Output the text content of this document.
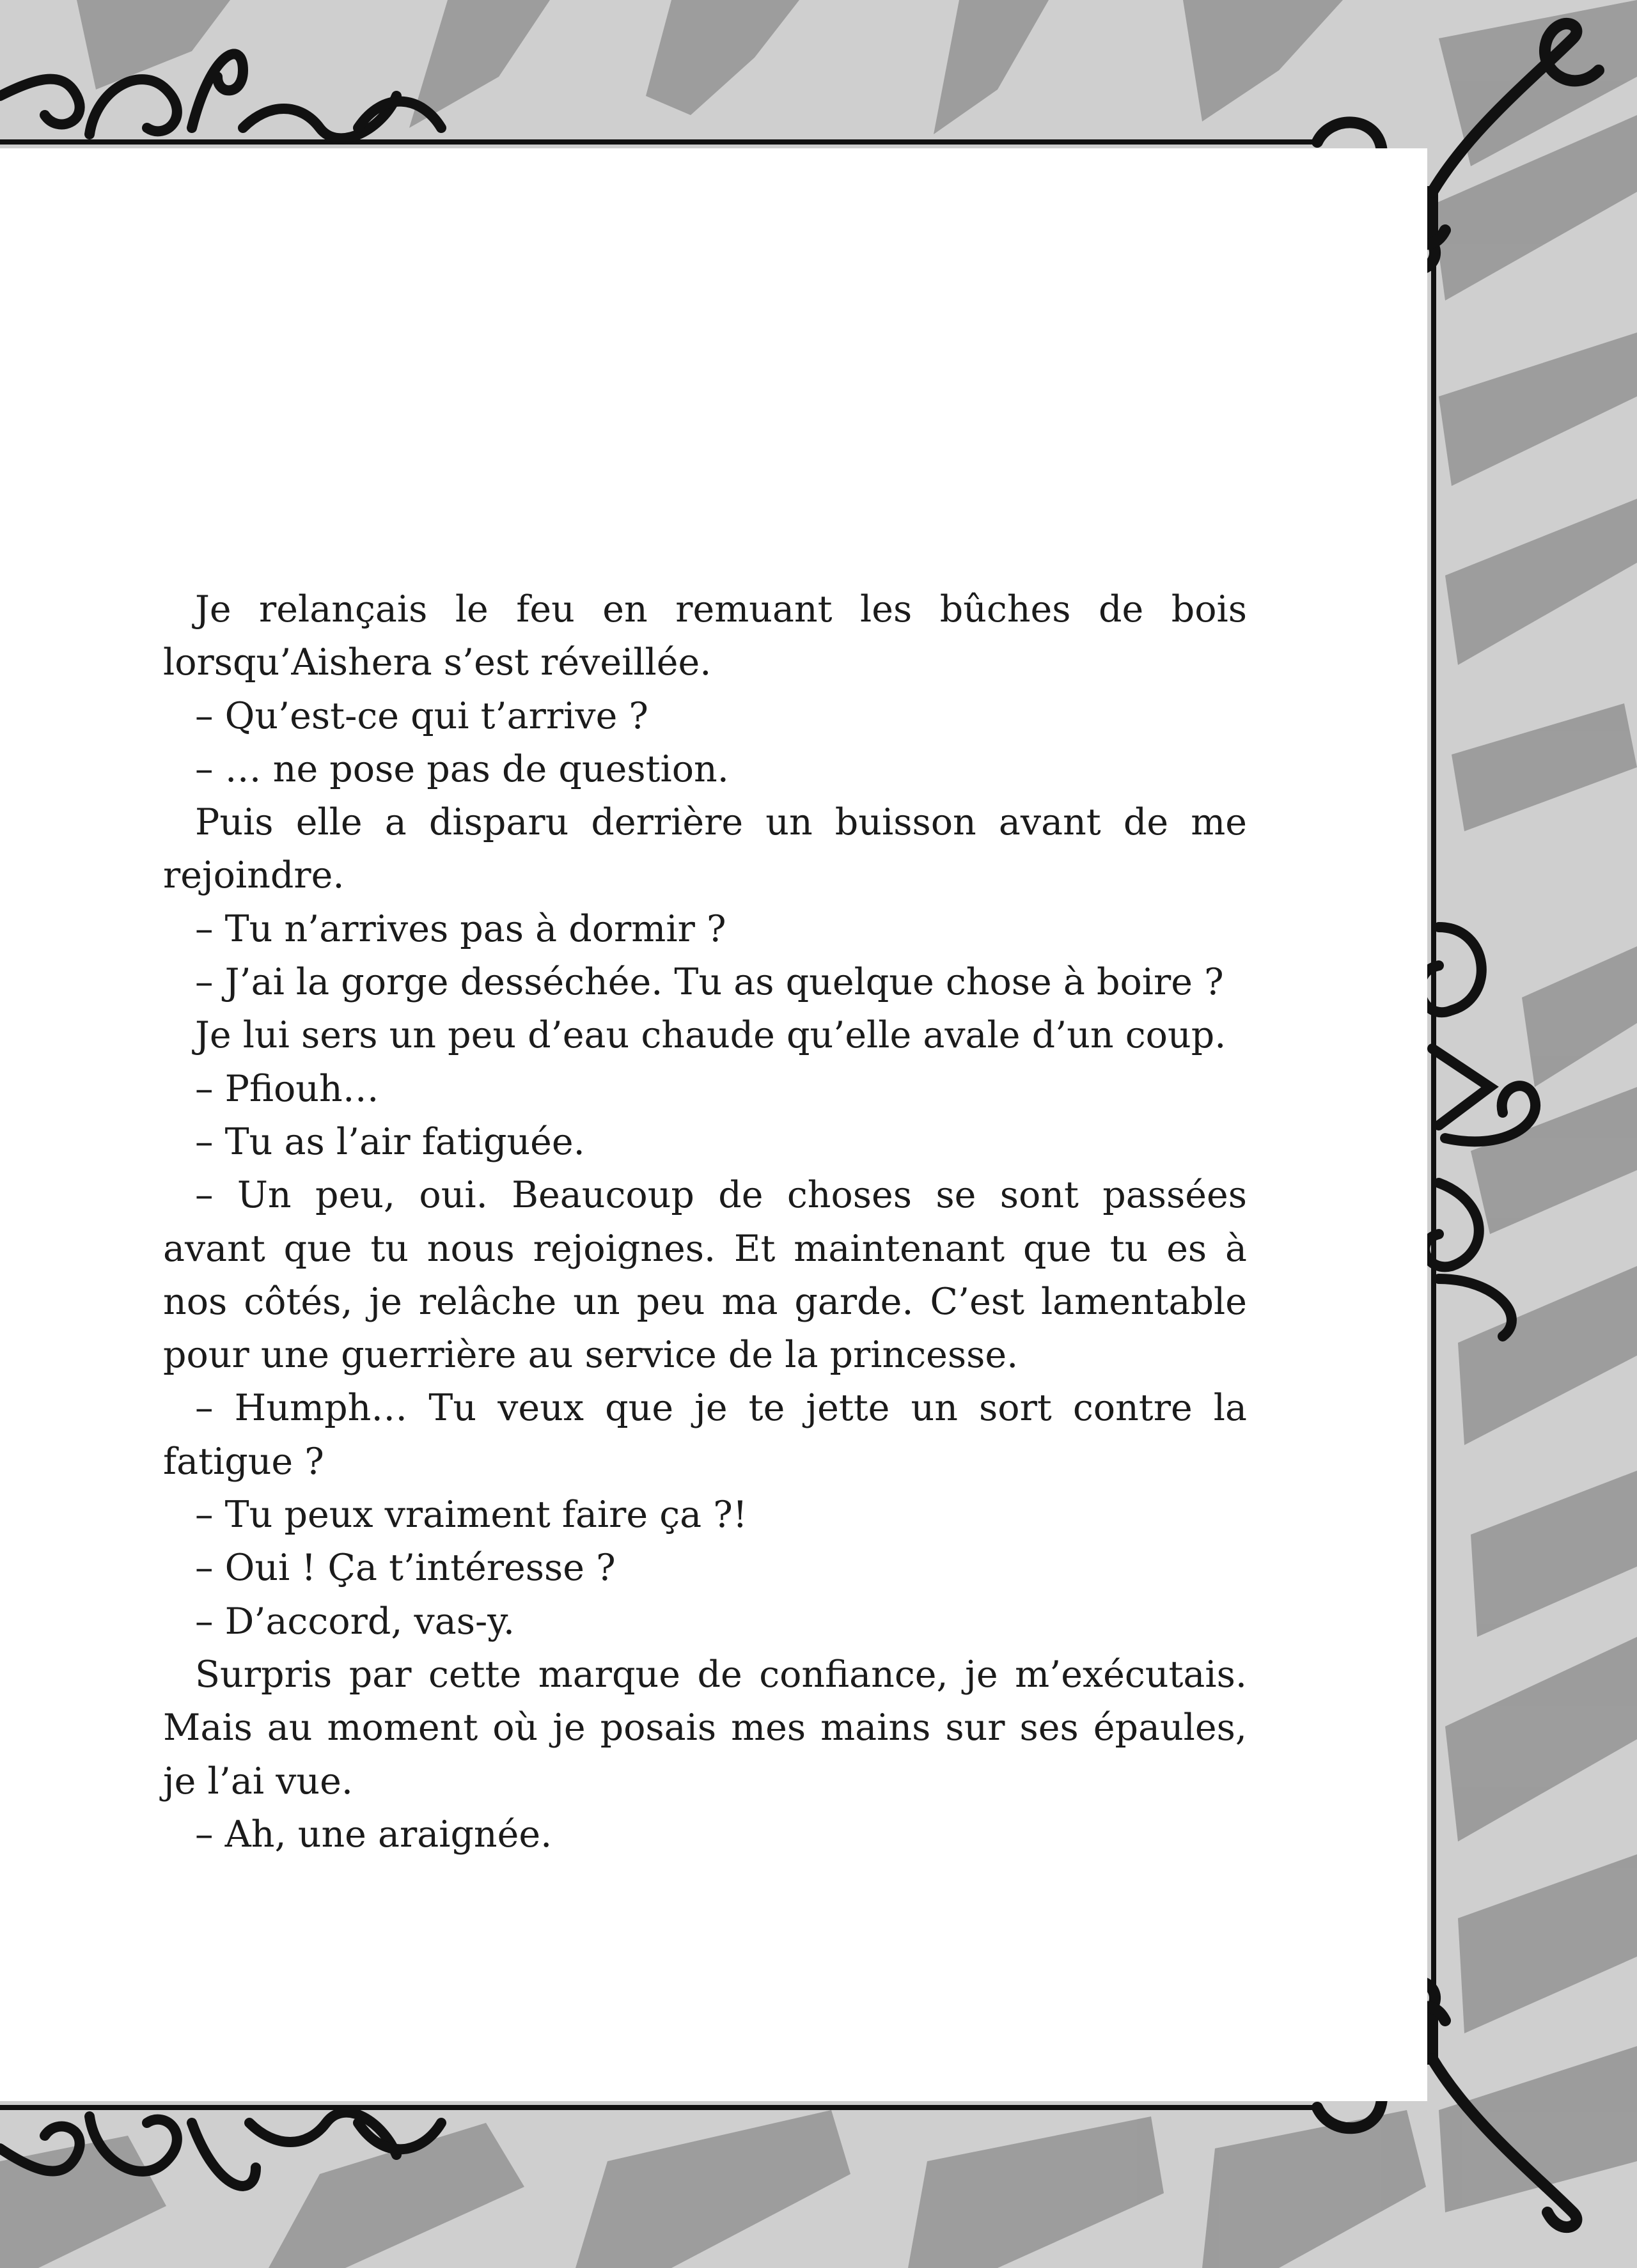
Je relançais le feu en remuant les bûches de bois lorsqu’Aishera s’est réveillée.

– Qu’est-ce qui t’arrive ?

– … ne pose pas de question.

Puis elle a disparu derrière un buisson avant de me rejoindre.

– Tu n’arrives pas à dormir ?

– J’ai la gorge desséchée. Tu as quelque chose à boire ?

Je lui sers un peu d’eau chaude qu’elle avale d’un coup.

– Pfiouh…

– Tu as l’air fatiguée.

– Un peu, oui. Beaucoup de choses se sont passées avant que tu nous rejoignes. Et maintenant que tu es à nos côtés, je relâche un peu ma garde. C’est lamentable pour une guerrière au service de la princesse.

– Humph… Tu veux que je te jette un sort contre la fatigue ?

– Tu peux vraiment faire ça ?!

– Oui ! Ça t’intéresse ?

– D’accord, vas-y.

Surpris par cette marque de confiance, je m’exécutais. Mais au moment où je posais mes mains sur ses épaules, je l’ai vue.

– Ah, une araignée.
